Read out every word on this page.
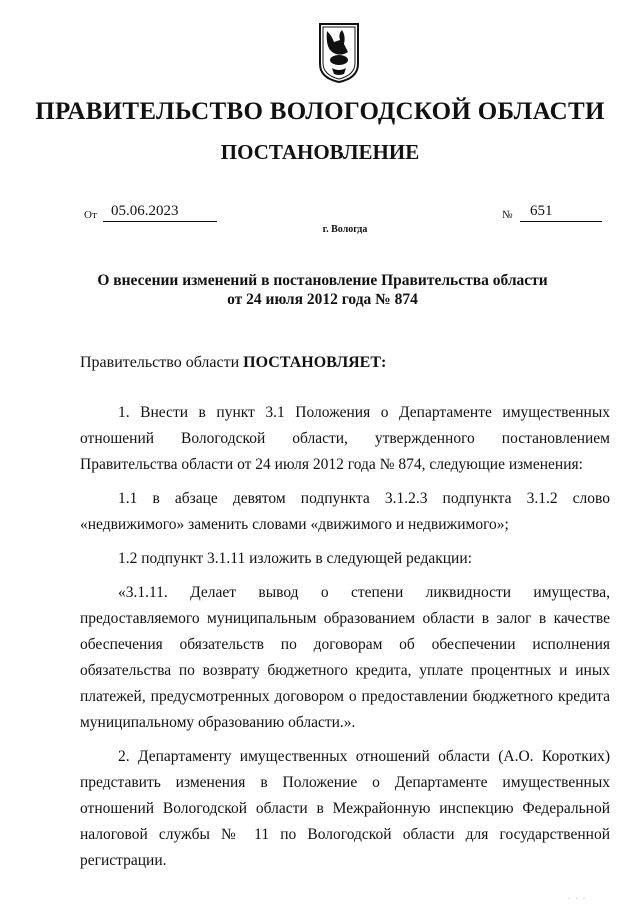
ПРАВИТЕЛЬСТВО ВОЛОГОДСКОЙ ОБЛАСТИ
ПОСТАНОВЛЕНИЕ
От 05.06.2023	№	651
г. Вологда
О внесении изменений в постановление Правительства области
от 24 июля 2012 года № 874
Правительство области ПОСТАНОВЛЯЕТ:

1. Внести в пункт 3.1 Положения о Департаменте имущественных отношений Вологодской области, утвержденного постановлением Правительства области от 24 июля 2012 года № 874, следующие изменения:

1.1 в абзаце девятом подпункта 3.1.2.3 подпункта 3.1.2 слово «недвижимого» заменить словами «движимого и недвижимого»;

1.2 подпункт 3.1.11 изложить в следующей редакции:

«3.1.11. Делает вывод о степени ликвидности имущества, предоставляемого муниципальным образованием области в залог в качестве обеспечения обязательств по договорам об обеспечении исполнения обязательства по возврату бюджетного кредита, уплате процентных и иных платежей, предусмотренных договором о предоставлении бюджетного кредита муниципальному образованию области.».

2. Департаменту имущественных отношений области (А.О. Коротких) представить изменения в Положение о Департаменте имущественных отношений Вологодской области в Межрайонную инспекцию Федеральной налоговой службы № 11 по Вологодской области для государственной регистрации.

· · ·
